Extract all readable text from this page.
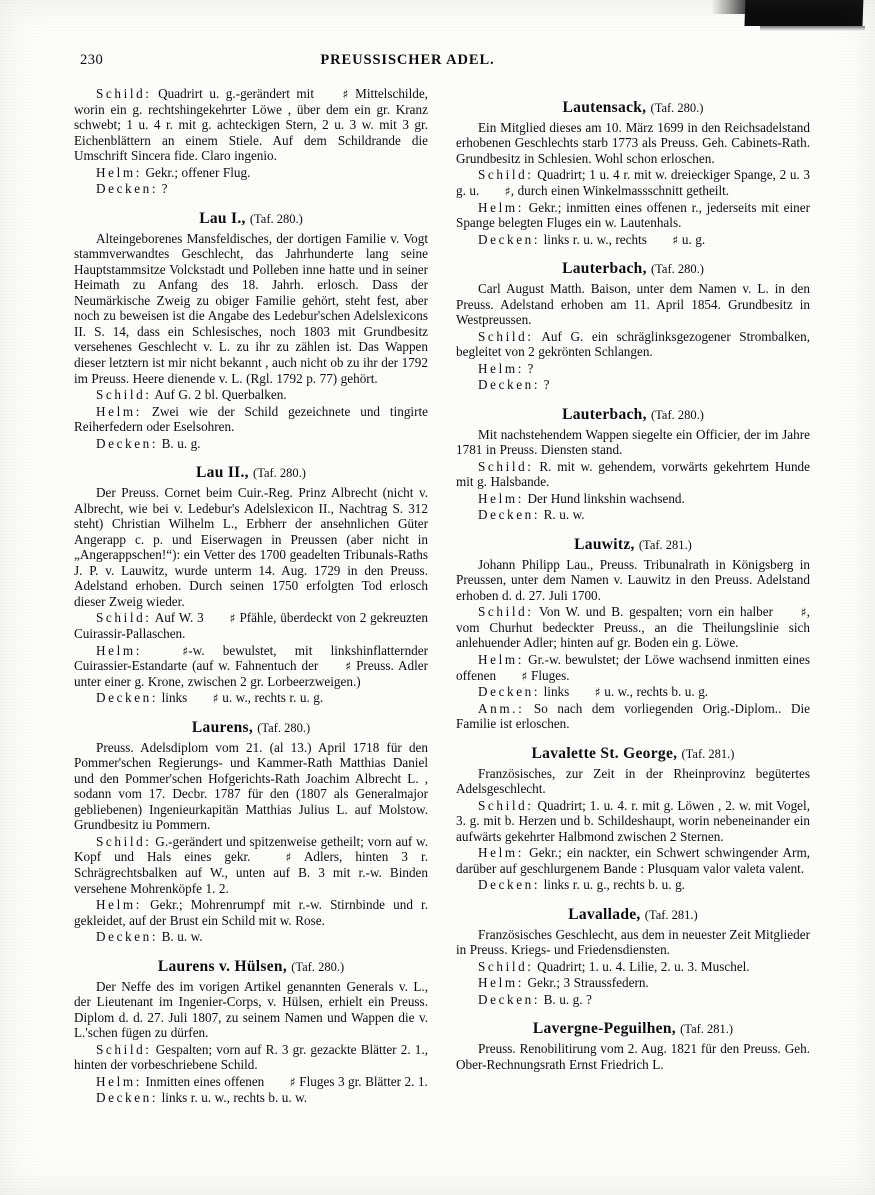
230	PREUSSISCHER ADEL.

Schild: Quadrirt u. g.-gerändert mit ♯ Mittelschilde, worin ein g. rechtshingekehrter Löwe , über dem ein gr. Kranz schwebt; 1 u. 4 r. mit g. achteckigen Stern, 2 u. 3 w. mit 3 gr. Eichenblättern an einem Stiele. Auf dem Schildrande die Umschrift Sincera fide. Claro ingenio.

Helm: Gekr.; offener Flug.

Decken: ?

Lau I., (Taf. 280.)

Alteingeborenes Mansfeldisches, der dortigen Familie v. Vogt stammverwandtes Geschlecht, das Jahrhunderte lang seine Hauptstammsitze Volckstadt und Polleben inne hatte und in seiner Heimath zu Anfang des 18. Jahrh. erlosch. Dass der Neumärkische Zweig zu obiger Familie gehört, steht fest, aber noch zu beweisen ist die Angabe des Ledebur'schen Adelslexicons II. S. 14, dass ein Schlesisches, noch 1803 mit Grundbesitz versehenes Geschlecht v. L. zu ihr zu zählen ist. Das Wappen dieser letztern ist mir nicht bekannt , auch nicht ob zu ihr der 1792 im Preuss. Heere dienende v. L. (Rgl. 1792 p. 77) gehört.

Schild: Auf G. 2 bl. Querbalken.

Helm: Zwei wie der Schild gezeichnete und tingirte Reiherfedern oder Eselsohren.

Decken: B. u. g.

Lau II., (Taf. 280.)

Der Preuss. Cornet beim Cuir.-Reg. Prinz Albrecht (nicht v. Albrecht, wie bei v. Ledebur's Adelslexicon II., Nachtrag S. 312 steht) Christian Wilhelm L., Erbherr der ansehnlichen Güter Angerapp c. p. und Eiserwagen in Preussen (aber nicht in „Angerappschen!“): ein Vetter des 1700 geadelten Tribunals-Raths J. P. v. Lauwitz, wurde unterm 14. Aug. 1729 in den Preuss. Adelstand erhoben. Durch seinen 1750 erfolgten Tod erlosch dieser Zweig wieder.

Schild: Auf W. 3 ♯ Pfähle, überdeckt von 2 gekreuzten Cuirassir-Pallaschen.

Helm:	♯-w. bewulstet, mit linkshinflatternder Cuirassier-Estandarte (auf w. Fahnentuch der ♯ Preuss. Adler unter einer g. Krone, zwischen 2 gr. Lorbeerzweigen.)

Decken: links ♯ u. w., rechts r. u. g.

Laurens, (Taf. 280.)

Preuss. Adelsdiplom vom 21. (al 13.) April 1718 für den Pommer'schen Regierungs- und Kammer-Rath Matthias Daniel und den Pommer'schen Hofgerichts-Rath Joachim Albrecht L. , sodann vom 17. Decbr. 1787 für den (1807 als Generalmajor gebliebenen) Ingenieurkapitän Matthias Julius L. auf Molstow. Grundbesitz iu Pommern.

Schild: G.-gerändert und spitzenweise getheilt; vorn auf w. Kopf und Hals eines gekr. ♯ Adlers, hinten 3 r. Schrägrechtsbalken auf W., unten auf B. 3 mit r.-w. Binden versehene Mohrenköpfe 1. 2.

Helm: Gekr.; Mohrenrumpf mit r.-w. Stirnbinde und r. gekleidet, auf der Brust ein Schild mit w. Rose.

Decken: B. u. w.

Laurens v. Hülsen, (Taf. 280.)

Der Neffe des im vorigen Artikel genannten Generals v. L., der Lieutenant im Ingenier-Corps, v. Hülsen, erhielt ein Preuss. Diplom d. d. 27. Juli 1807, zu seinem Namen und Wappen die v. L.'schen fügen zu dürfen.

Schild: Gespalten; vorn auf R. 3 gr. gezackte Blätter 2. 1., hinten der vorbeschriebene Schild.

Helm: Inmitten eines offenen ♯ Fluges 3 gr. Blätter 2. 1.

Decken: links r. u. w., rechts b. u. w.

Lautensack, (Taf. 280.)

Ein Mitglied dieses am 10. März 1699 in den Reichsadelstand erhobenen Geschlechts starb 1773 als Preuss. Geh. Cabinets-Rath. Grundbesitz in Schlesien. Wohl schon erloschen.

Schild: Quadrirt; 1 u. 4 r. mit w. dreieckiger Spange, 2 u. 3 g. u. ♯, durch einen Winkelmassschnitt getheilt.

Helm: Gekr.; inmitten eines offenen r., jederseits mit einer Spange belegten Fluges ein w. Lautenhals.

Decken: links r. u. w., rechts ♯ u. g.

Lauterbach, (Taf. 280.)

Carl August Matth. Baison, unter dem Namen v. L. in den Preuss. Adelstand erhoben am 11. April 1854. Grundbesitz in Westpreussen.

Schild: Auf G. ein schräglinksgezogener Strombalken, begleitet von 2 gekrönten Schlangen.

Helm: ?

Decken: ?

Lauterbach, (Taf. 280.)

Mit nachstehendem Wappen siegelte ein Officier, der im Jahre 1781 in Preuss. Diensten stand.

Schild: R. mit w. gehendem, vorwärts gekehrtem Hunde mit g. Halsbande.

Helm: Der Hund linkshin wachsend.

Decken: R. u. w.

Lauwitz, (Taf. 281.)

Johann Philipp Lau., Preuss. Tribunalrath in Königsberg in Preussen, unter dem Namen v. Lauwitz in den Preuss. Adelstand erhoben d. d. 27. Juli 1700.

Schild: Von W. und B. gespalten; vorn ein halber ♯, vom Churhut bedeckter Preuss., an die Theilungslinie sich anlehuender Adler; hinten auf gr. Boden ein g. Löwe.

Helm: Gr.-w. bewulstet; der Löwe wachsend inmitten eines offenen ♯ Fluges.

Decken: links ♯ u. w., rechts b. u. g.

Anm.: So nach dem vorliegenden Orig.-Diplom.. Die Familie ist erloschen.

Lavalette St. George, (Taf. 281.)

Französisches, zur Zeit in der Rheinprovinz begütertes Adelsgeschlecht.

Schild: Quadrirt; 1. u. 4. r. mit g. Löwen , 2. w. mit Vogel, 3. g. mit b. Herzen und b. Schildeshaupt, worin nebeneinander ein aufwärts gekehrter Halbmond zwischen 2 Sternen.

Helm: Gekr.; ein nackter, ein Schwert schwingender Arm, darüber auf geschlurgenem Bande : Plusquam valor valeta valent.

Decken: links r. u. g., rechts b. u. g.

Lavallade, (Taf. 281.)

Französisches Geschlecht, aus dem in neuester Zeit Mitglieder in Preuss. Kriegs- und Friedensdiensten.

Schild: Quadrirt; 1. u. 4. Lilie, 2. u. 3. Muschel.

Helm: Gekr.; 3 Straussfedern.

Decken: B. u. g. ?

Lavergne-Peguilhen, (Taf. 281.)

Preuss. Renobilitirung vom 2. Aug. 1821 für den Preuss. Geh. Ober-Rechnungsrath Ernst Friedrich L.
